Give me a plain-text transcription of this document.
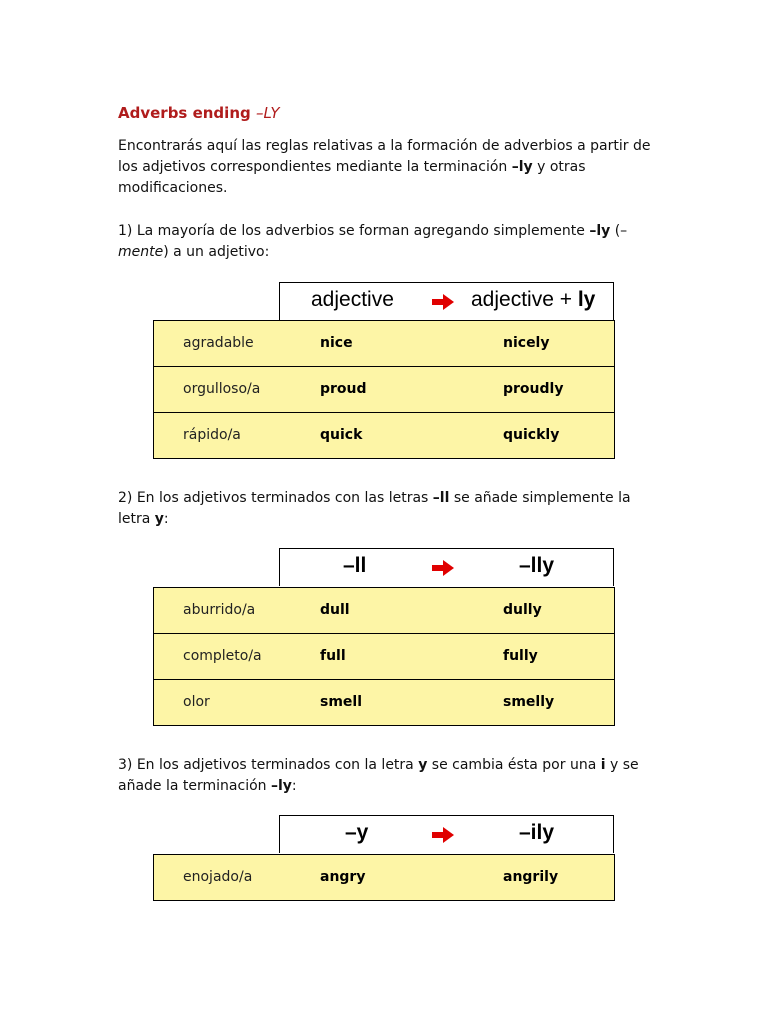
Adverbs ending –LY
Encontrarás aquí las reglas relativas a la formación de adverbios a partir de los adjetivos correspondientes mediante la terminación –ly y otras modificaciones.
1) La mayoría de los adverbios se forman agregando simplemente –ly (–mente) a un adjetivo:
adjective	adjective + ly
agradable	nice	nicely
orgulloso/a	proud	proudly
rápido/a	quick	quickly
2) En los adjetivos terminados con las letras –ll se añade simplemente la letra y:
–ll	–lly
aburrido/a	dull	dully
completo/a	full	fully
olor	smell	smelly
3) En los adjetivos terminados con la letra y se cambia ésta por una i y se añade la terminación –ly:
–y	–ily
enojado/a	angry	angrily
